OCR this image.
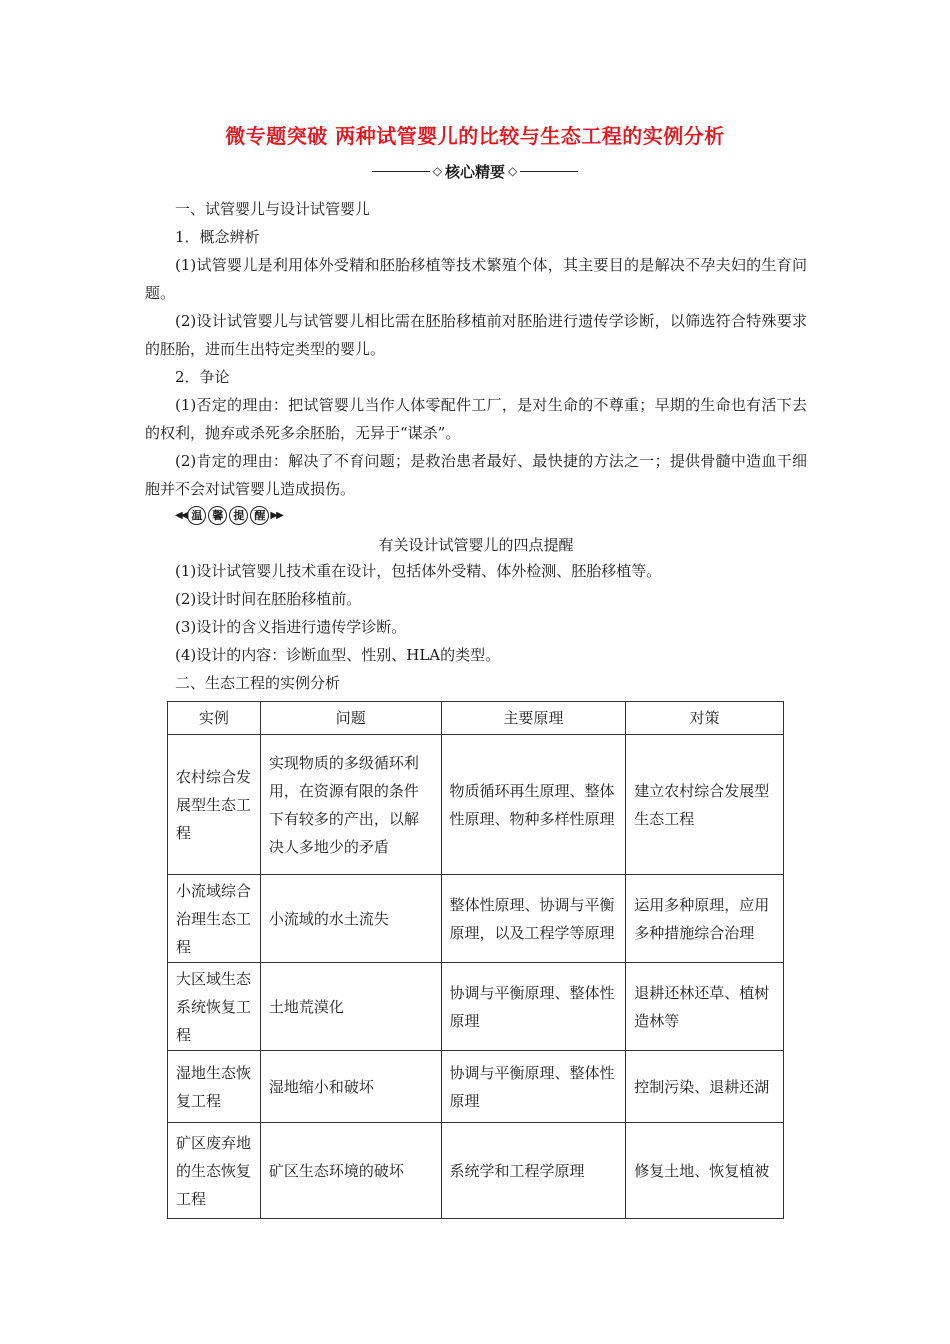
微专题突破 两种试管婴儿的比较与生态工程的实例分析
◇ 核心精要 ◇

一、试管婴儿与设计试管婴儿

1．概念辨析

(1)试管婴儿是利用体外受精和胚胎移植等技术繁殖个体，其主要目的是解决不孕夫妇的生育问题。

(2)设计试管婴儿与试管婴儿相比需在胚胎移植前对胚胎进行遗传学诊断，以筛选符合特殊要求的胚胎，进而生出特定类型的婴儿。

2．争论

(1)否定的理由：把试管婴儿当作人体零配件工厂，是对生命的不尊重；早期的生命也有活下去的权利，抛弃或杀死多余胚胎，无异于“谋杀”。

(2)肯定的理由：解决了不育问题；是救治患者最好、最快捷的方法之一；提供骨髓中造血干细胞并不会对试管婴儿造成损伤。

◀◀ 温 馨 提 醒 ▶▶
有关设计试管婴儿的四点提醒

(1)设计试管婴儿技术重在设计，包括体外受精、体外检测、胚胎移植等。

(2)设计时间在胚胎移植前。

(3)设计的含义指进行遗传学诊断。

(4)设计的内容：诊断血型、性别、HLA的类型。

二、生态工程的实例分析

实例	问题	主要原理	对策
农村综合发展型生态工程	实现物质的多级循环利用，在资源有限的条件下有较多的产出，以解决人多地少的矛盾	物质循环再生原理、整体性原理、物种多样性原理	建立农村综合发展型生态工程
小流域综合治理生态工程	小流域的水土流失	整体性原理、协调与平衡原理，以及工程学等原理	运用多种原理，应用多种措施综合治理
大区域生态系统恢复工程	土地荒漠化	协调与平衡原理、整体性原理	退耕还林还草、植树造林等
湿地生态恢复工程	湿地缩小和破坏	协调与平衡原理、整体性原理	控制污染、退耕还湖
矿区废弃地的生态恢复工程	矿区生态环境的破坏	系统学和工程学原理	修复土地、恢复植被
